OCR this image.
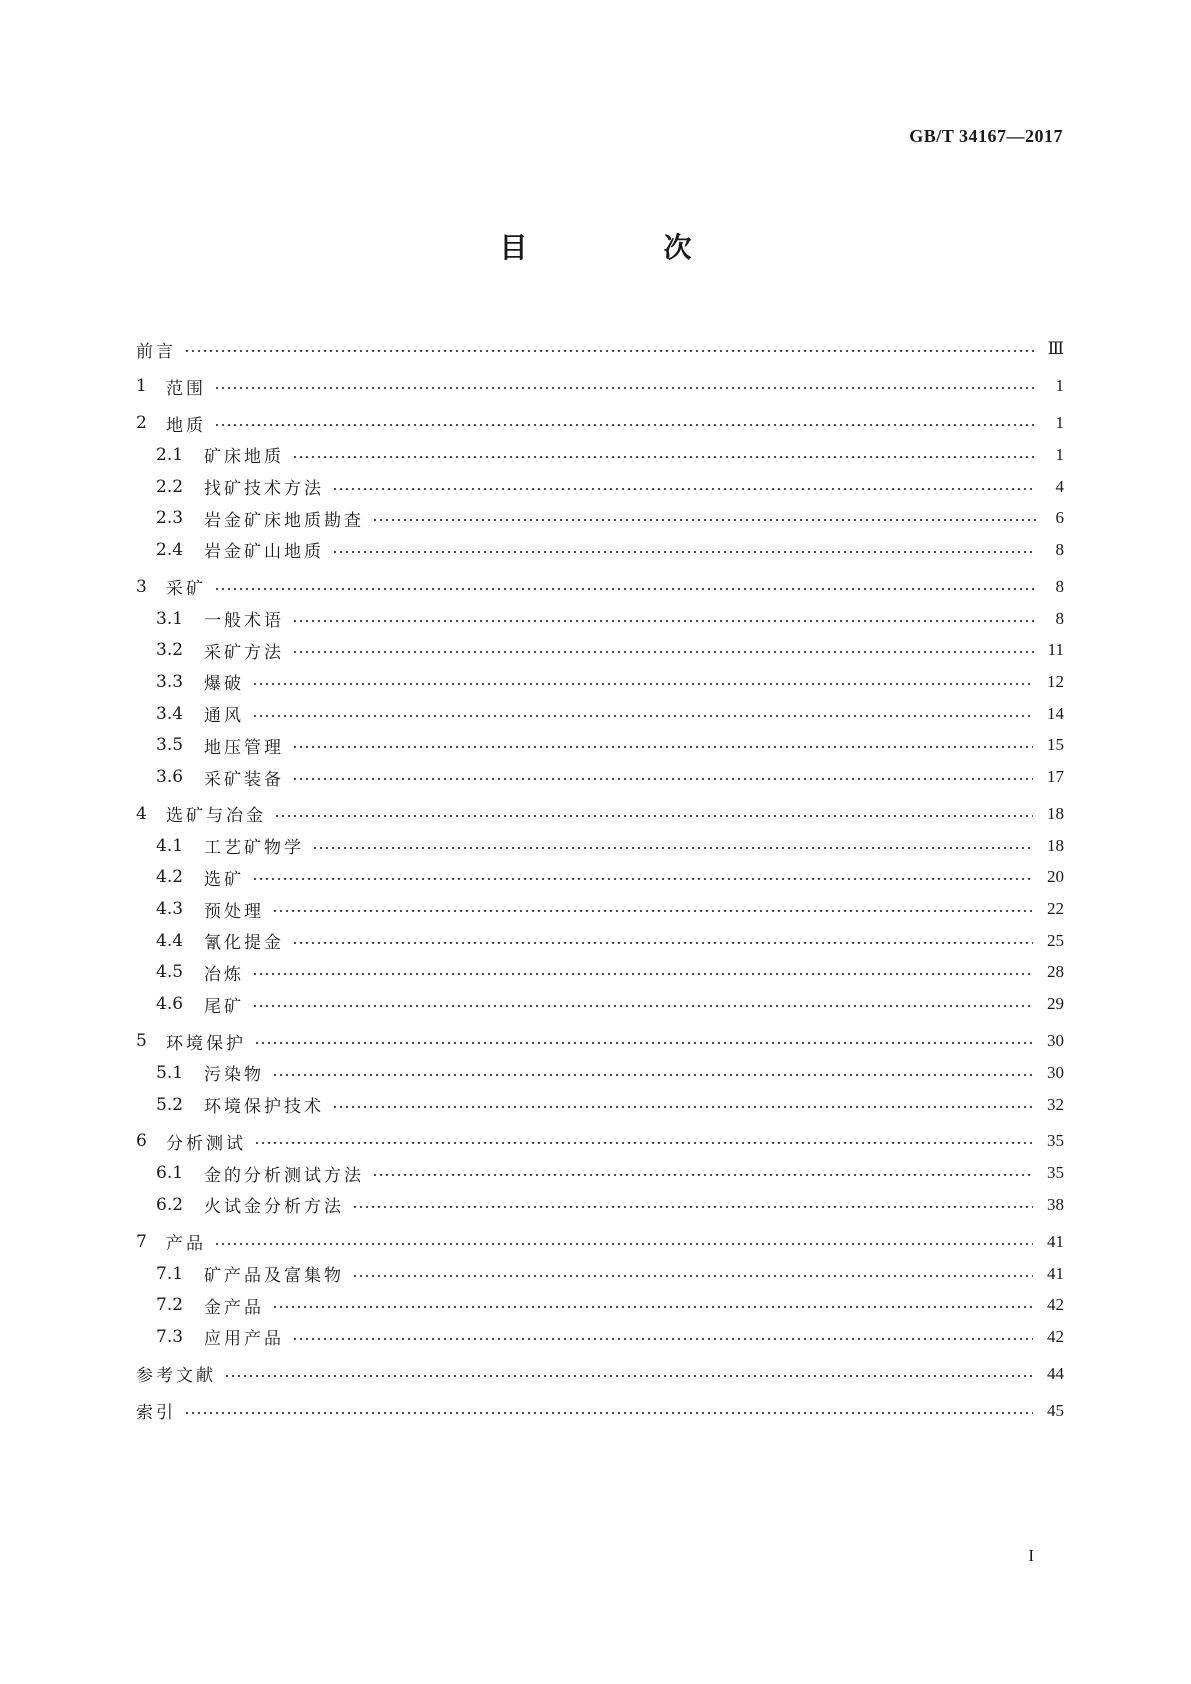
GB/T 34167—2017
目　次
前言	Ⅲ
1	范围	1
2	地质	1
2.1	矿床地质	1
2.2	找矿技术方法	4
2.3	岩金矿床地质勘查	6
2.4	岩金矿山地质	8
3	采矿	8
3.1	一般术语	8
3.2	采矿方法	11
3.3	爆破	12
3.4	通风	14
3.5	地压管理	15
3.6	采矿装备	17
4	选矿与冶金	18
4.1	工艺矿物学	18
4.2	选矿	20
4.3	预处理	22
4.4	氰化提金	25
4.5	冶炼	28
4.6	尾矿	29
5	环境保护	30
5.1	污染物	30
5.2	环境保护技术	32
6	分析测试	35
6.1	金的分析测试方法	35
6.2	火试金分析方法	38
7	产品	41
7.1	矿产品及富集物	41
7.2	金产品	42
7.3	应用产品	42
参考文献	44
索引	45
I
